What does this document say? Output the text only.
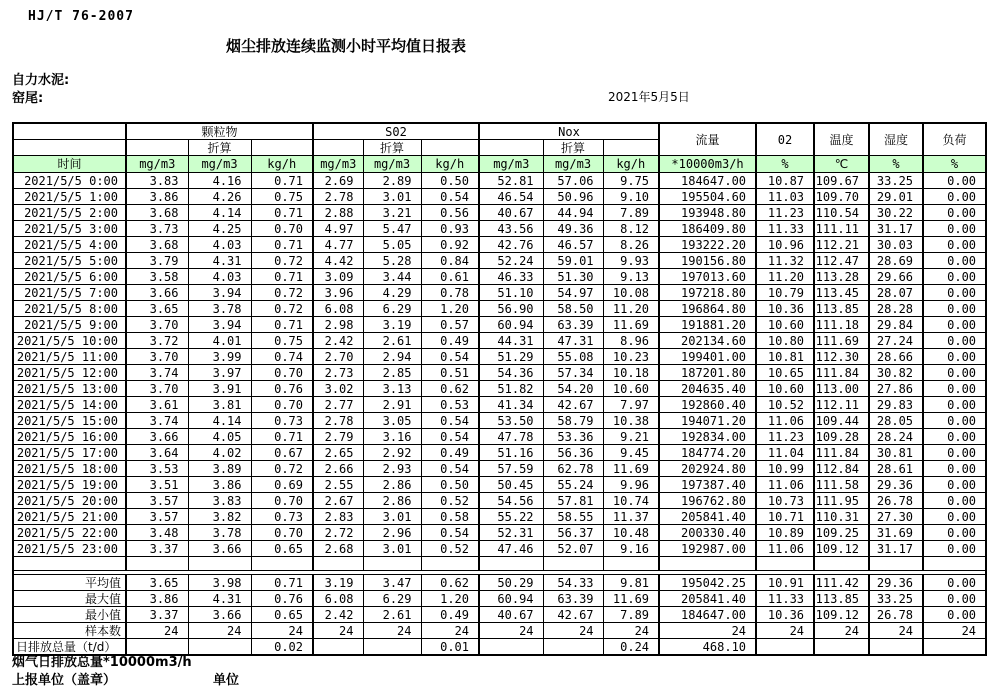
HJ/T 76-2007
烟尘排放连续监测小时平均值日报表
自力水泥:
窑尾:	2021年5月5日
	颗粒物			S02			Nox			流量	02	温度	湿度	负荷
		折算			折算			折算						
时间	mg/m3	mg/m3	kg/h	mg/m3	mg/m3	kg/h	mg/m3	mg/m3	kg/h	*10000m3/h	%	℃	%	%
2021/5/5 0:00	3.83	4.16	0.71	2.69	2.89	0.50	52.81	57.06	9.75	184647.00	10.87	109.67	33.25	0.00
2021/5/5 1:00	3.86	4.26	0.75	2.78	3.01	0.54	46.54	50.96	9.10	195504.60	11.03	109.70	29.01	0.00
2021/5/5 2:00	3.68	4.14	0.71	2.88	3.21	0.56	40.67	44.94	7.89	193948.80	11.23	110.54	30.22	0.00
2021/5/5 3:00	3.73	4.25	0.70	4.97	5.47	0.93	43.56	49.36	8.12	186409.80	11.33	111.11	31.17	0.00
2021/5/5 4:00	3.68	4.03	0.71	4.77	5.05	0.92	42.76	46.57	8.26	193222.20	10.96	112.21	30.03	0.00
2021/5/5 5:00	3.79	4.31	0.72	4.42	5.28	0.84	52.24	59.01	9.93	190156.80	11.32	112.47	28.69	0.00
2021/5/5 6:00	3.58	4.03	0.71	3.09	3.44	0.61	46.33	51.30	9.13	197013.60	11.20	113.28	29.66	0.00
2021/5/5 7:00	3.66	3.94	0.72	3.96	4.29	0.78	51.10	54.97	10.08	197218.80	10.79	113.45	28.07	0.00
2021/5/5 8:00	3.65	3.78	0.72	6.08	6.29	1.20	56.90	58.50	11.20	196864.80	10.36	113.85	28.28	0.00
2021/5/5 9:00	3.70	3.94	0.71	2.98	3.19	0.57	60.94	63.39	11.69	191881.20	10.60	111.18	29.84	0.00
2021/5/5 10:00	3.72	4.01	0.75	2.42	2.61	0.49	44.31	47.31	8.96	202134.60	10.80	111.69	27.24	0.00
2021/5/5 11:00	3.70	3.99	0.74	2.70	2.94	0.54	51.29	55.08	10.23	199401.00	10.81	112.30	28.66	0.00
2021/5/5 12:00	3.74	3.97	0.70	2.73	2.85	0.51	54.36	57.34	10.18	187201.80	10.65	111.84	30.82	0.00
2021/5/5 13:00	3.70	3.91	0.76	3.02	3.13	0.62	51.82	54.20	10.60	204635.40	10.60	113.00	27.86	0.00
2021/5/5 14:00	3.61	3.81	0.70	2.77	2.91	0.53	41.34	42.67	7.97	192860.40	10.52	112.11	29.83	0.00
2021/5/5 15:00	3.74	4.14	0.73	2.78	3.05	0.54	53.50	58.79	10.38	194071.20	11.06	109.44	28.05	0.00
2021/5/5 16:00	3.66	4.05	0.71	2.79	3.16	0.54	47.78	53.36	9.21	192834.00	11.23	109.28	28.24	0.00
2021/5/5 17:00	3.64	4.02	0.67	2.65	2.92	0.49	51.16	56.36	9.45	184774.20	11.04	111.84	30.81	0.00
2021/5/5 18:00	3.53	3.89	0.72	2.66	2.93	0.54	57.59	62.78	11.69	202924.80	10.99	112.84	28.61	0.00
2021/5/5 19:00	3.51	3.86	0.69	2.55	2.86	0.50	50.45	55.24	9.96	197387.40	11.06	111.58	29.36	0.00
2021/5/5 20:00	3.57	3.83	0.70	2.67	2.86	0.52	54.56	57.81	10.74	196762.80	10.73	111.95	26.78	0.00
2021/5/5 21:00	3.57	3.82	0.73	2.83	3.01	0.58	55.22	58.55	11.37	205841.40	10.71	110.31	27.30	0.00
2021/5/5 22:00	3.48	3.78	0.70	2.72	2.96	0.54	52.31	56.37	10.48	200330.40	10.89	109.25	31.69	0.00
2021/5/5 23:00	3.37	3.66	0.65	2.68	3.01	0.52	47.46	52.07	9.16	192987.00	11.06	109.12	31.17	0.00

平均值	3.65	3.98	0.71	3.19	3.47	0.62	50.29	54.33	9.81	195042.25	10.91	111.42	29.36	0.00
最大值	3.86	4.31	0.76	6.08	6.29	1.20	60.94	63.39	11.69	205841.40	11.33	113.85	33.25	0.00
最小值	3.37	3.66	0.65	2.42	2.61	0.49	40.67	42.67	7.89	184647.00	10.36	109.12	26.78	0.00
样本数	24	24	24	24	24	24	24	24	24	24	24	24	24	24
日排放总量（t/d）			0.02			0.01			0.24	468.10				
烟气日排放总量*10000m3/h
上报单位（盖章）	单位
